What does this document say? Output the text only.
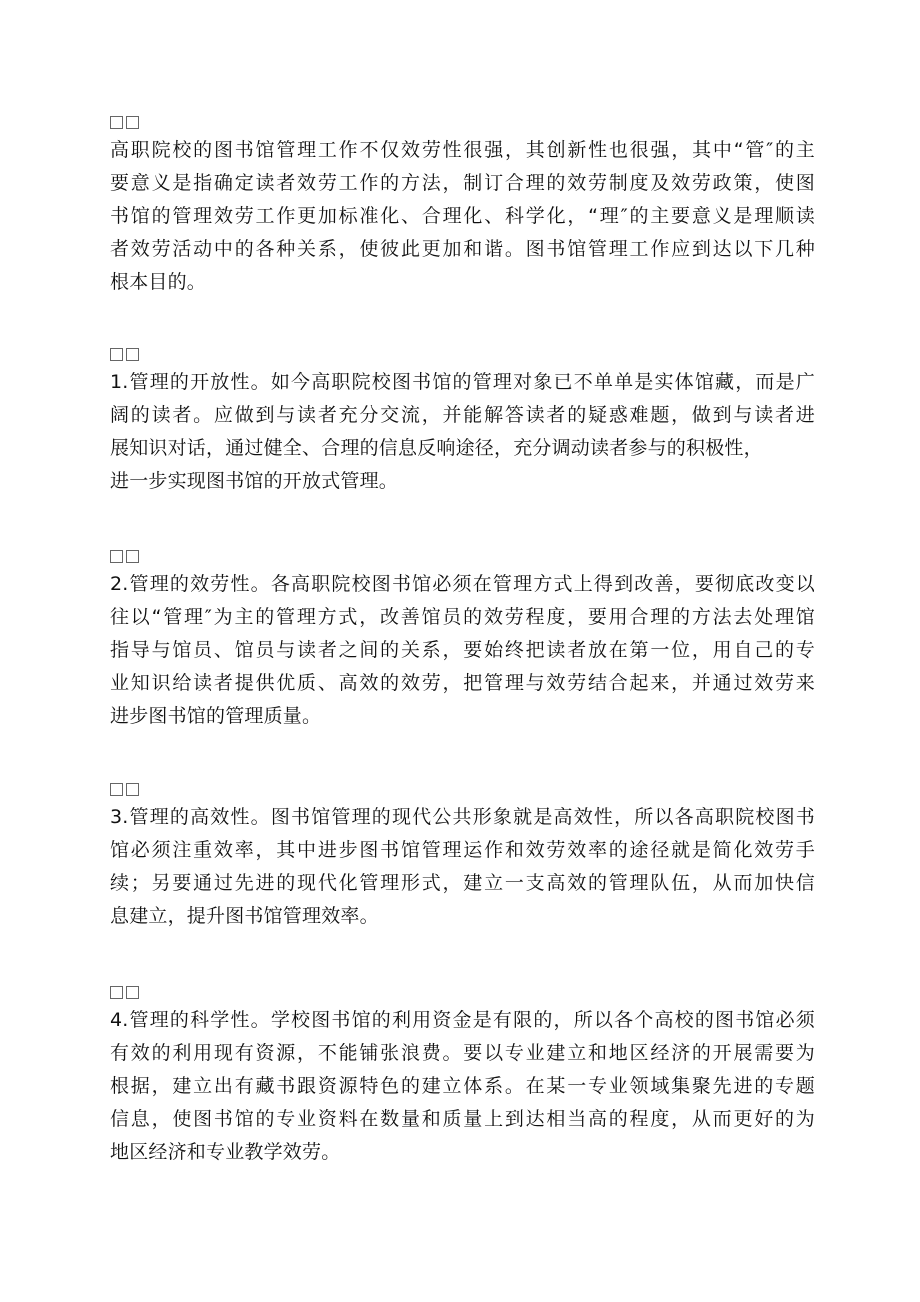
高职院校的图书馆管理工作不仅效劳性很强，其创新性也很强，其中“管″的主
要意义是指确定读者效劳工作的方法，制订合理的效劳制度及效劳政策，使图
书馆的管理效劳工作更加标准化、合理化、科学化，“理″的主要意义是理顺读
者效劳活动中的各种关系，使彼此更加和谐。图书馆管理工作应到达以下几种
根本目的。
1.管理的开放性。如今高职院校图书馆的管理对象已不单单是实体馆藏，而是广
阔的读者。应做到与读者充分交流，并能解答读者的疑惑难题，做到与读者进
展知识对话，通过健全、合理的信息反响途径，充分调动读者参与的积极性，
进一步实现图书馆的开放式管理。
2.管理的效劳性。各高职院校图书馆必须在管理方式上得到改善，要彻底改变以
往以“管理″为主的管理方式，改善馆员的效劳程度，要用合理的方法去处理馆
指导与馆员、馆员与读者之间的关系，要始终把读者放在第一位，用自己的专
业知识给读者提供优质、高效的效劳，把管理与效劳结合起来，并通过效劳来
进步图书馆的管理质量。
3.管理的高效性。图书馆管理的现代公共形象就是高效性，所以各高职院校图书
馆必须注重效率，其中进步图书馆管理运作和效劳效率的途径就是简化效劳手
续；另要通过先进的现代化管理形式，建立一支高效的管理队伍，从而加快信
息建立，提升图书馆管理效率。
4.管理的科学性。学校图书馆的利用资金是有限的，所以各个高校的图书馆必须
有效的利用现有资源，不能铺张浪费。要以专业建立和地区经济的开展需要为
根据，建立出有藏书跟资源特色的建立体系。在某一专业领域集聚先进的专题
信息，使图书馆的专业资料在数量和质量上到达相当高的程度，从而更好的为
地区经济和专业教学效劳。
